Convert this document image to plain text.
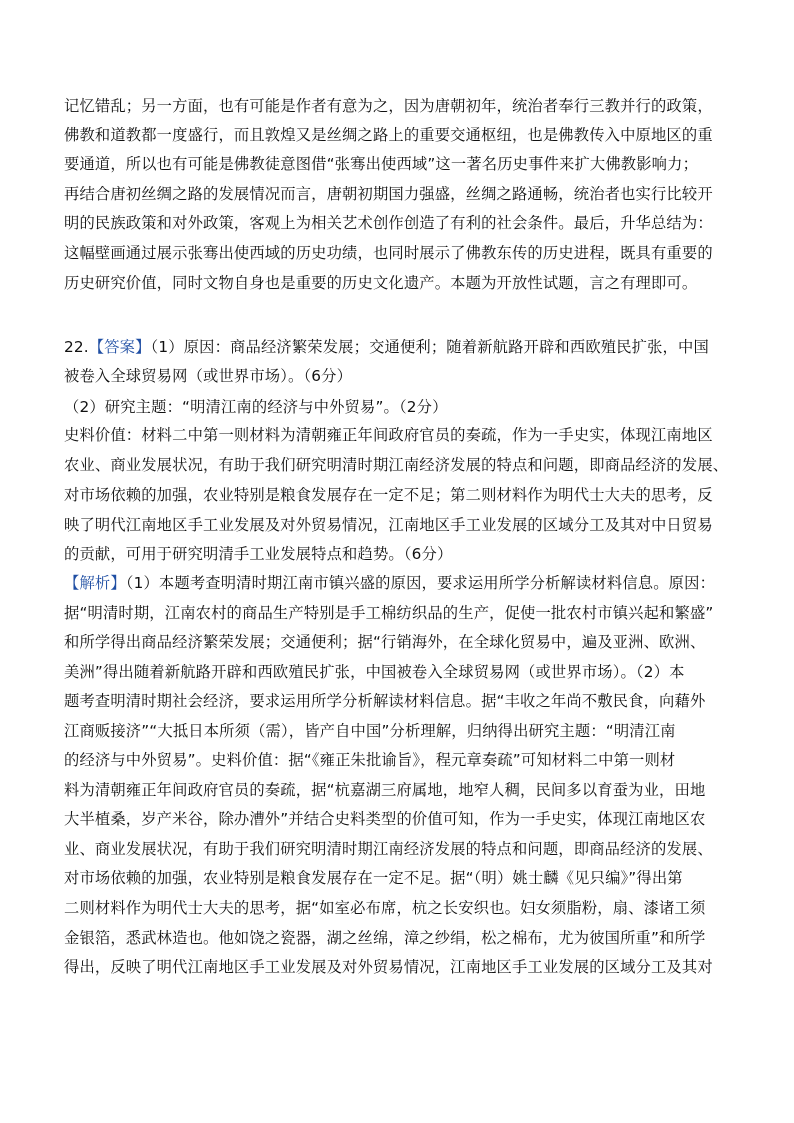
记忆错乱；另一方面，也有可能是作者有意为之，因为唐朝初年，统治者奉行三教并行的政策，
佛教和道教都一度盛行，而且敦煌又是丝绸之路上的重要交通枢纽，也是佛教传入中原地区的重
要通道，所以也有可能是佛教徒意图借“张骞出使西域”这一著名历史事件来扩大佛教影响力；
再结合唐初丝绸之路的发展情况而言，唐朝初期国力强盛，丝绸之路通畅，统治者也实行比较开
明的民族政策和对外政策，客观上为相关艺术创作创造了有利的社会条件。最后，升华总结为：
这幅壁画通过展示张骞出使西域的历史功绩，也同时展示了佛教东传的历史进程，既具有重要的
历史研究价值，同时文物自身也是重要的历史文化遗产。本题为开放性试题，言之有理即可。
22.【答案】（1）原因：商品经济繁荣发展；交通便利；随着新航路开辟和西欧殖民扩张，中国
被卷入全球贸易网（或世界市场）。（6分）
（2）研究主题：“明清江南的经济与中外贸易”。（2分）
史料价值：材料二中第一则材料为清朝雍正年间政府官员的奏疏，作为一手史实，体现江南地区
农业、商业发展状况，有助于我们研究明清时期江南经济发展的特点和问题，即商品经济的发展、
对市场依赖的加强，农业特别是粮食发展存在一定不足；第二则材料作为明代士大夫的思考，反
映了明代江南地区手工业发展及对外贸易情况，江南地区手工业发展的区域分工及其对中日贸易
的贡献，可用于研究明清手工业发展特点和趋势。（6分）
【解析】（1）本题考查明清时期江南市镇兴盛的原因，要求运用所学分析解读材料信息。原因：
据“明清时期，江南农村的商品生产特别是手工棉纺织品的生产，促使一批农村市镇兴起和繁盛”
和所学得出商品经济繁荣发展；交通便利；据“行销海外，在全球化贸易中，遍及亚洲、欧洲、
美洲”得出随着新航路开辟和西欧殖民扩张，中国被卷入全球贸易网（或世界市场）。（2）本
题考查明清时期社会经济，要求运用所学分析解读材料信息。据“丰收之年尚不敷民食，向藉外
江商贩接济”“大抵日本所须（需），皆产自中国”分析理解，归纳得出研究主题：“明清江南
的经济与中外贸易”。史料价值：据“《雍正朱批谕旨》，程元章奏疏”可知材料二中第一则材
料为清朝雍正年间政府官员的奏疏，据“杭嘉湖三府属地，地窄人稠，民间多以育蚕为业，田地
大半植桑，岁产米谷，除办漕外”并结合史料类型的价值可知，作为一手史实，体现江南地区农
业、商业发展状况，有助于我们研究明清时期江南经济发展的特点和问题，即商品经济的发展、
对市场依赖的加强，农业特别是粮食发展存在一定不足。据“（明）姚士麟《见只编》”得出第
二则材料作为明代士大夫的思考，据“如室必布席，杭之长安织也。妇女须脂粉，扇、漆诸工须
金银箔，悉武林造也。他如饶之瓷器，湖之丝绵，漳之纱绢，松之棉布，尤为彼国所重”和所学
得出，反映了明代江南地区手工业发展及对外贸易情况，江南地区手工业发展的区域分工及其对
